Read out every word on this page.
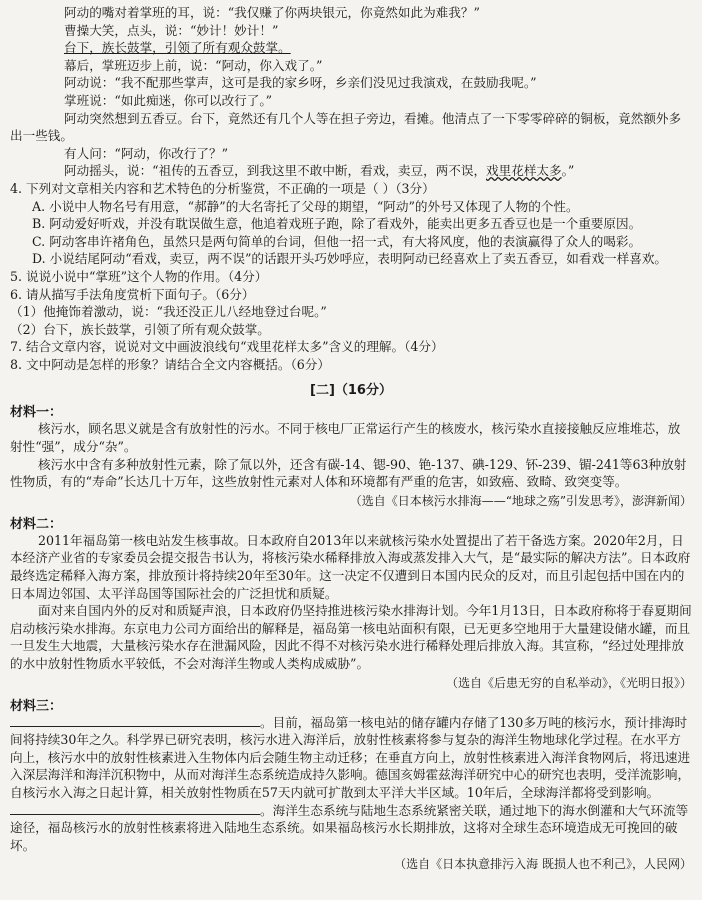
阿动的嘴对着掌班的耳，说：“我仅赚了你两块银元，你竟然如此为难我？”

曹操大笑，点头，说：“妙计！妙计！”

台下，族长鼓掌，引领了所有观众鼓掌。

幕后，掌班迈步上前，说：“阿动，你入戏了。”

阿动说：“我不配那些掌声，这可是我的家乡呀，乡亲们没见过我演戏，在鼓励我呢。”

掌班说：“如此痴迷，你可以改行了。”

阿动突然想到五香豆。台下，竟然还有几个人等在担子旁边，看摊。他清点了一下零零碎碎的铜板，竟然额外多出一些钱。

有人问：“阿动，你改行了？”

阿动摇头，说：“祖传的五香豆，到我这里不敢中断，看戏，卖豆，两不误，戏里花样太多。”

4. 下列对文章相关内容和艺术特色的分析鉴赏，不正确的一项是（ ）（3分）

A. 小说中人物名号有用意，“郝静”的大名寄托了父母的期望，“阿动”的外号又体现了人物的个性。

B. 阿动爱好听戏，并没有耽误做生意，他追着戏班子跑，除了看戏外，能卖出更多五香豆也是一个重要原因。

C. 阿动客串许褚角色，虽然只是两句简单的台词，但他一招一式，有大将风度，他的表演赢得了众人的喝彩。

D. 小说结尾阿动“看戏，卖豆，两不误”的话跟开头巧妙呼应，表明阿动已经喜欢上了卖五香豆，如看戏一样喜欢。

5. 说说小说中“掌班”这个人物的作用。（4分）

6. 请从描写手法角度赏析下面句子。（6分）

（1）他掩饰着激动，说：“我还没正儿八经地登过台呢。”

（2）台下，族长鼓掌，引领了所有观众鼓掌。

7. 结合文章内容，说说对文中画波浪线句“戏里花样太多”含义的理解。（4分）

8. 文中阿动是怎样的形象？请结合全文内容概括。（6分）

[二]（16分）
材料一：

核污水，顾名思义就是含有放射性的污水。不同于核电厂正常运行产生的核废水，核污染水直接接触反应堆堆芯，放射性“强”，成分“杂”。

核污水中含有多种放射性元素，除了氚以外，还含有碳-14、锶-90、铯-137、碘-129、钚-239、镅-241等63种放射性物质，有的“寿命”长达几十万年，这些放射性元素对人体和环境都有严重的危害，如致癌、致畸、致突变等。

（选自《日本核污水排海——“地球之殇”引发思考》，澎湃新闻）
材料二：

2011年福岛第一核电站发生核事故。日本政府自2013年以来就核污染水处置提出了若干备选方案。2020年2月，日本经济产业省的专家委员会提交报告书认为，将核污染水稀释排放入海或蒸发排入大气，是“最实际的解决方法”。日本政府最终选定稀释入海方案，排放预计将持续20年至30年。这一决定不仅遭到日本国内民众的反对，而且引起包括中国在内的日本周边邻国、太平洋岛国等国际社会的广泛担忧和质疑。

面对来自国内外的反对和质疑声浪，日本政府仍坚持推进核污染水排海计划。今年1月13日，日本政府称将于春夏期间启动核污染水排海。东京电力公司方面给出的解释是，福岛第一核电站面积有限，已无更多空地用于大量建设储水罐，而且一旦发生大地震，大量核污染水存在泄漏风险，因此不得不对核污染水进行稀释处理后排放入海。其宣称，“经过处理排放的水中放射性物质水平较低，不会对海洋生物或人类构成威胁”。

（选自《后患无穷的自私举动》，《光明日报》）
材料三：

。目前，福岛第一核电站的储存罐内存储了130多万吨的核污水，预计排海时间将持续30年之久。科学界已研究表明，核污水进入海洋后，放射性核素将参与复杂的海洋生物地球化学过程。在水平方向上，核污水中的放射性核素进入生物体内后会随生物主动迁移；在垂直方向上，放射性核素进入海洋食物网后，将迅速进入深层海洋和海洋沉积物中，从而对海洋生态系统造成持久影响。德国亥姆霍兹海洋研究中心的研究也表明，受洋流影响，自核污水入海之日起计算，相关放射性物质在57天内就可扩散到太平洋大半区域。10年后，全球海洋都将受到影响。

。海洋生态系统与陆地生态系统紧密关联，通过地下的海水倒灌和大气环流等途径，福岛核污水的放射性核素将进入陆地生态系统。如果福岛核污水长期排放，这将对全球生态环境造成无可挽回的破坏。

（选自《日本执意排污入海 既损人也不利己》，人民网）
